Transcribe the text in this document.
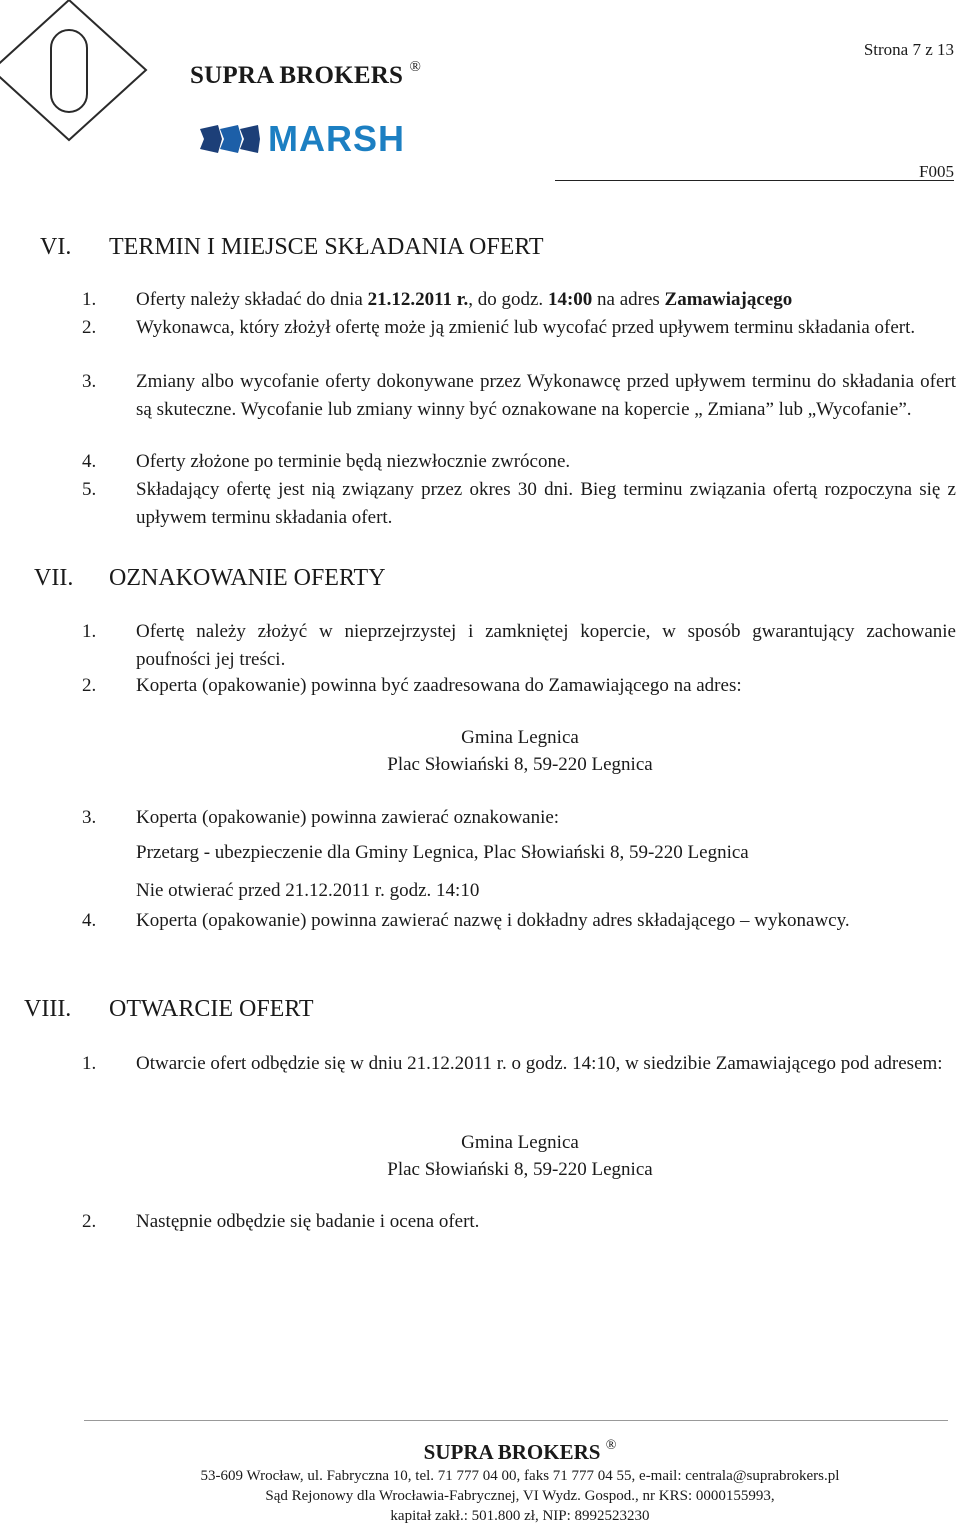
Strona 7 z 13
SUPRA BROKERS ®
MARSH
F005
VI.	TERMIN I MIEJSCE SKŁADANIA OFERT
1.	Oferty należy składać do dnia 21.12.2011 r., do godz. 14:00 na adres Zamawiającego
2.	Wykonawca, który złożył ofertę może ją zmienić lub wycofać przed upływem terminu składania ofert.
3.	Zmiany albo wycofanie oferty dokonywane przez Wykonawcę przed upływem terminu do składania ofert są skuteczne. Wycofanie lub zmiany winny być oznakowane na kopercie „ Zmiana” lub „Wycofanie”.
4.	Oferty złożone po terminie będą niezwłocznie zwrócone.
5.	Składający ofertę jest nią związany przez okres 30 dni. Bieg terminu związania ofertą rozpoczyna się z upływem terminu składania ofert.
VII. OZNAKOWANIE OFERTY
1.	Ofertę należy złożyć w nieprzejrzystej i zamkniętej kopercie, w sposób gwarantujący zachowanie poufności jej treści.
2.	Koperta (opakowanie) powinna być zaadresowana do Zamawiającego na adres:
Gmina Legnica
Plac Słowiański 8, 59-220 Legnica
3.	Koperta (opakowanie) powinna zawierać oznakowanie:
Przetarg - ubezpieczenie dla Gminy Legnica, Plac Słowiański 8, 59-220 Legnica
Nie otwierać przed 21.12.2011 r. godz. 14:10
4.	Koperta (opakowanie) powinna zawierać nazwę i dokładny adres składającego – wykonawcy.
VIII. OTWARCIE OFERT
1.	Otwarcie ofert odbędzie się w dniu 21.12.2011 r. o godz. 14:10, w siedzibie Zamawiającego pod adresem:
Gmina Legnica
Plac Słowiański 8, 59-220 Legnica
2.	Następnie odbędzie się badanie i ocena ofert.
SUPRA BROKERS ®
53-609 Wrocław, ul. Fabryczna 10, tel. 71 777 04 00, faks 71 777 04 55, e-mail: centrala@suprabrokers.pl
Sąd Rejonowy dla Wrocławia-Fabrycznej, VI Wydz. Gospod., nr KRS: 0000155993,
kapitał zakł.: 501.800 zł, NIP: 8992523230
